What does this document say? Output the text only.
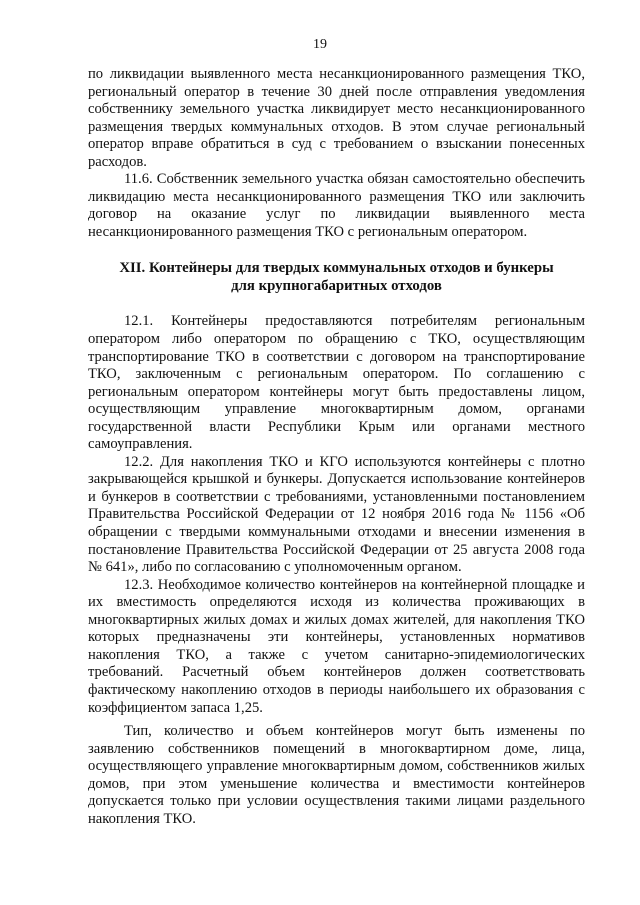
19

по ликвидации выявленного места несанкционированного размещения ТКО, региональный оператор в течение 30 дней после отправления уведомления собственнику земельного участка ликвидирует место несанкционированного размещения твердых коммунальных отходов. В этом случае региональный оператор вправе обратиться в суд с требованием о взыскании понесенных расходов.

11.6. Собственник земельного участка обязан самостоятельно обеспечить ликвидацию места несанкционированного размещения ТКО или заключить договор на оказание услуг по ликвидации выявленного места несанкционированного размещения ТКО с региональным оператором.

XII. Контейнеры для твердых коммунальных отходов и бункеры
для крупногабаритных отходов

12.1. Контейнеры предоставляются потребителям региональным оператором либо оператором по обращению с ТКО, осуществляющим транспортирование ТКО в соответствии с договором на транспортирование ТКО, заключенным с региональным оператором. По соглашению с региональным оператором контейнеры могут быть предоставлены лицом, осуществляющим управление многоквартирным домом, органами государственной власти Республики Крым или органами местного самоуправления.

12.2. Для накопления ТКО и КГО используются контейнеры с плотно закрывающейся крышкой и бункеры. Допускается использование контейнеров и бункеров в соответствии с требованиями, установленными постановлением Правительства Российской Федерации от 12 ноября 2016 года № 1156 «Об обращении с твердыми коммунальными отходами и внесении изменения в постановление Правительства Российской Федерации от 25 августа 2008 года № 641», либо по согласованию с уполномоченным органом.

12.3. Необходимое количество контейнеров на контейнерной площадке и их вместимость определяются исходя из количества проживающих в многоквартирных жилых домах и жилых домах жителей, для накопления ТКО которых предназначены эти контейнеры, установленных нормативов накопления ТКО, а также с учетом санитарно-эпидемиологических требований. Расчетный объем контейнеров должен соответствовать фактическому накоплению отходов в периоды наибольшего их образования с коэффициентом запаса 1,25.

Тип, количество и объем контейнеров могут быть изменены по заявлению собственников помещений в многоквартирном доме, лица, осуществляющего управление многоквартирным домом, собственников жилых домов, при этом уменьшение количества и вместимости контейнеров допускается только при условии осуществления такими лицами раздельного накопления ТКО.
